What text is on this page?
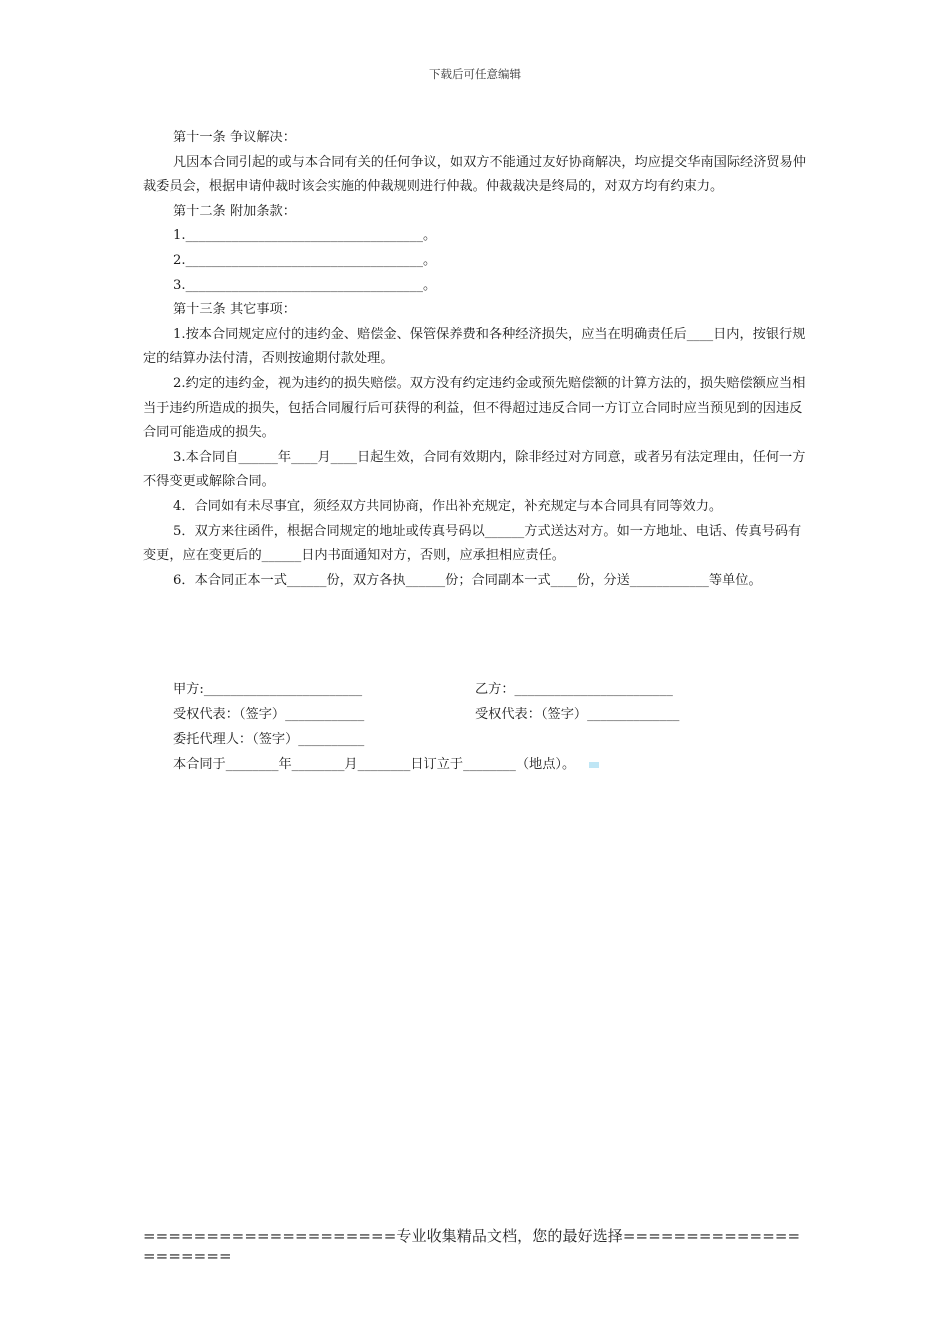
下载后可任意编辑

第十一条 争议解决：

凡因本合同引起的或与本合同有关的任何争议，如双方不能通过友好协商解决，均应提交华南国际经济贸易仲裁委员会，根据申请仲裁时该会实施的仲裁规则进行仲裁。仲裁裁决是终局的，对双方均有约束力。

第十二条 附加条款：

1.____________________________________。

2.____________________________________。

3.____________________________________。

第十三条 其它事项：

1.按本合同规定应付的违约金、赔偿金、保管保养费和各种经济损失，应当在明确责任后____日内，按银行规定的结算办法付清，否则按逾期付款处理。

2.约定的违约金，视为违约的损失赔偿。双方没有约定违约金或预先赔偿额的计算方法的，损失赔偿额应当相当于违约所造成的损失，包括合同履行后可获得的利益，但不得超过违反合同一方订立合同时应当预见到的因违反合同可能造成的损失。

3.本合同自______年____月____日起生效，合同有效期内，除非经过对方同意，或者另有法定理由，任何一方不得变更或解除合同。

4．合同如有未尽事宜，须经双方共同协商，作出补充规定，补充规定与本合同具有同等效力。

5．双方来往函件，根据合同规定的地址或传真号码以______方式送达对方。如一方地址、电话、传真号码有变更，应在变更后的______日内书面通知对方，否则，应承担相应责任。

6．本合同正本一式______份，双方各执______份；合同副本一式____份，分送____________等单位。

甲方:________________________	乙方：________________________
受权代表：（签字）____________	受权代表：（签字）______________
委托代理人：（签字）__________
本合同于________年________月________日订立于________（地点）。
====================专业收集精品文档，您的最好选择=====================
